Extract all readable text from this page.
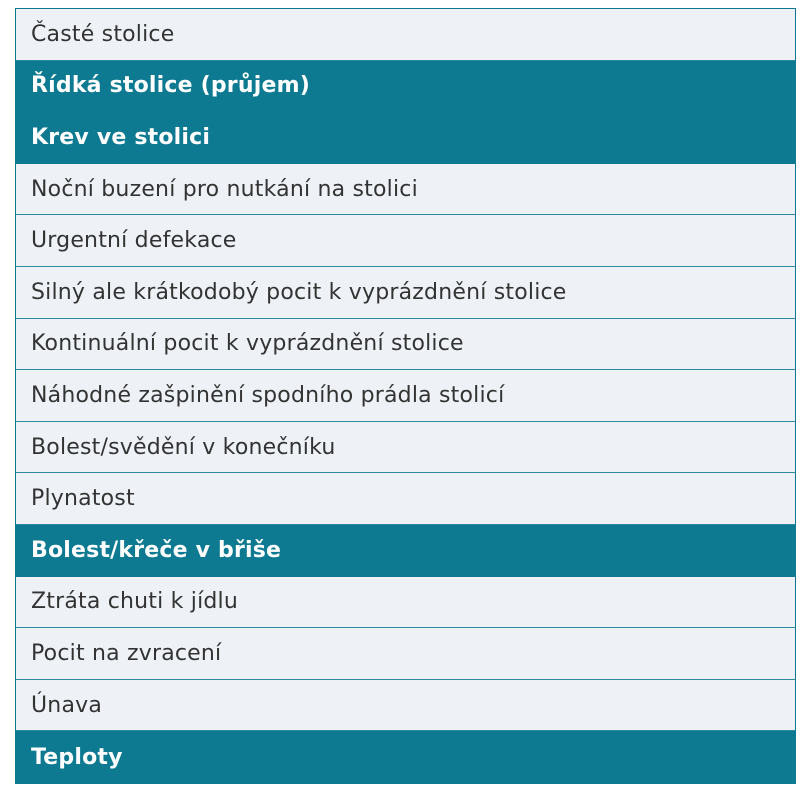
Časté stolice
Řídká stolice (průjem)
Krev ve stolici
Noční buzení pro nutkání na stolici
Urgentní defekace
Silný ale krátkodobý pocit k vyprázdnění stolice
Kontinuální pocit k vyprázdnění stolice
Náhodné zašpinění spodního prádla stolicí
Bolest/svědění v konečníku
Plynatost
Bolest/křeče v břiše
Ztráta chuti k jídlu
Pocit na zvracení
Únava
Teploty
